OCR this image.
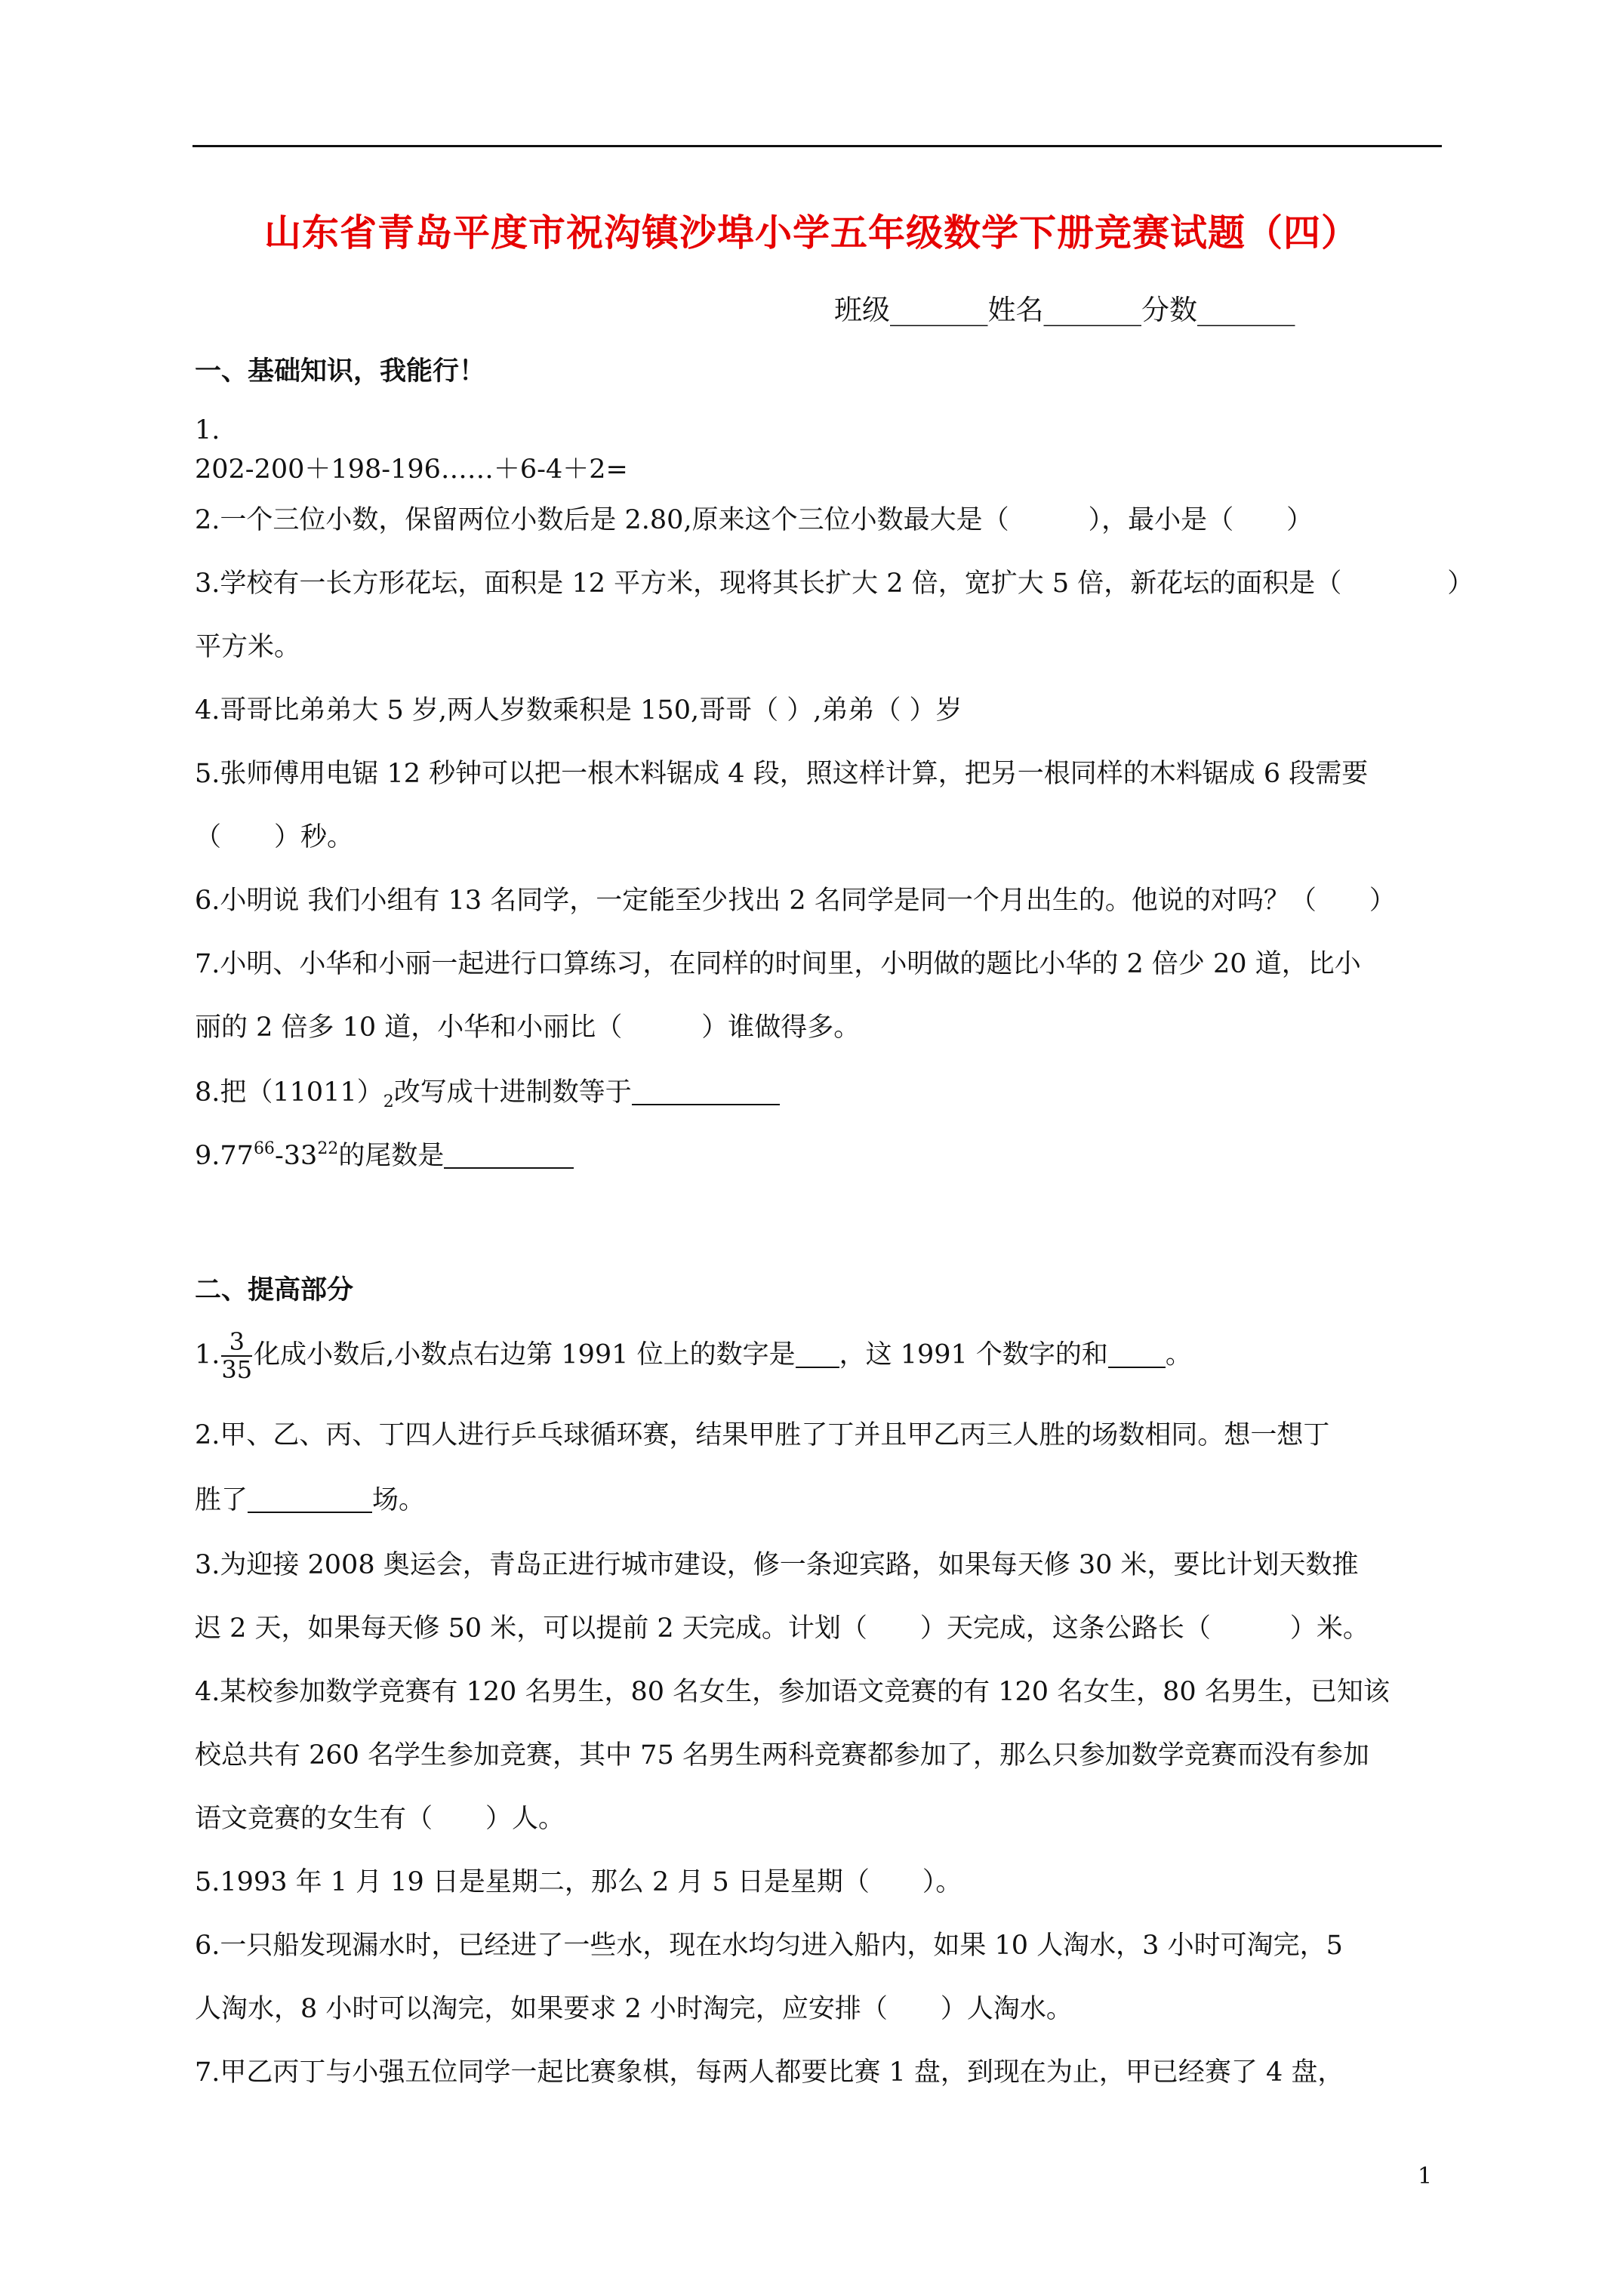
山东省青岛平度市祝沟镇沙埠小学五年级数学下册竞赛试题（四）
班级_______姓名_______分数_______
一、基础知识，我能行！
1.
202-200＋198-196……＋6-4＋2=
2.一个三位小数，保留两位小数后是 2.80,原来这个三位小数最大是（　　　），最小是（　　）
3.学校有一长方形花坛，面积是 12 平方米，现将其长扩大 2 倍，宽扩大 5 倍，新花坛的面积是（　　　　）
平方米。
4.哥哥比弟弟大 5 岁,两人岁数乘积是 150,哥哥（ ）,弟弟（ ）岁
5.张师傅用电锯 12 秒钟可以把一根木料锯成 4 段，照这样计算，把另一根同样的木料锯成 6 段需要
（　　）秒。
6.小明说 我们小组有 13 名同学，一定能至少找出 2 名同学是同一个月出生的。他说的对吗？（　　）
7.小明、小华和小丽一起进行口算练习，在同样的时间里，小明做的题比小华的 2 倍少 20 道，比小
丽的 2 倍多 10 道，小华和小丽比（　　　）谁做得多。
8.把$(11011)_2$改写成十进制数等于
$9.77^{66}-33^{22}$的尾数是
二、提高部分
1. $\frac{3}{35}$ 化成小数后,小数点右边第 1991 位上的数字是 ，这 1991 个数字的和 。
2.甲、乙、丙、丁四人进行乒乓球循环赛，结果甲胜了丁并且甲乙丙三人胜的场数相同。想一想丁
胜了	场。
3.为迎接 2008 奥运会，青岛正进行城市建设，修一条迎宾路，如果每天修 30 米，要比计划天数推
迟 2 天，如果每天修 50 米，可以提前 2 天完成。计划（　　）天完成，这条公路长（　　　）米。
4.某校参加数学竞赛有 120 名男生，80 名女生，参加语文竞赛的有 120 名女生，80 名男生，已知该
校总共有 260 名学生参加竞赛，其中 75 名男生两科竞赛都参加了，那么只参加数学竞赛而没有参加
语文竞赛的女生有（　　）人。
5.1993 年 1 月 19 日是星期二，那么 2 月 5 日是星期（　　）。
6.一只船发现漏水时，已经进了一些水，现在水均匀进入船内，如果 10 人淘水，3 小时可淘完，5
人淘水，8 小时可以淘完，如果要求 2 小时淘完，应安排（　　）人淘水。
7.甲乙丙丁与小强五位同学一起比赛象棋，每两人都要比赛 1 盘，到现在为止，甲已经赛了 4 盘，
1
